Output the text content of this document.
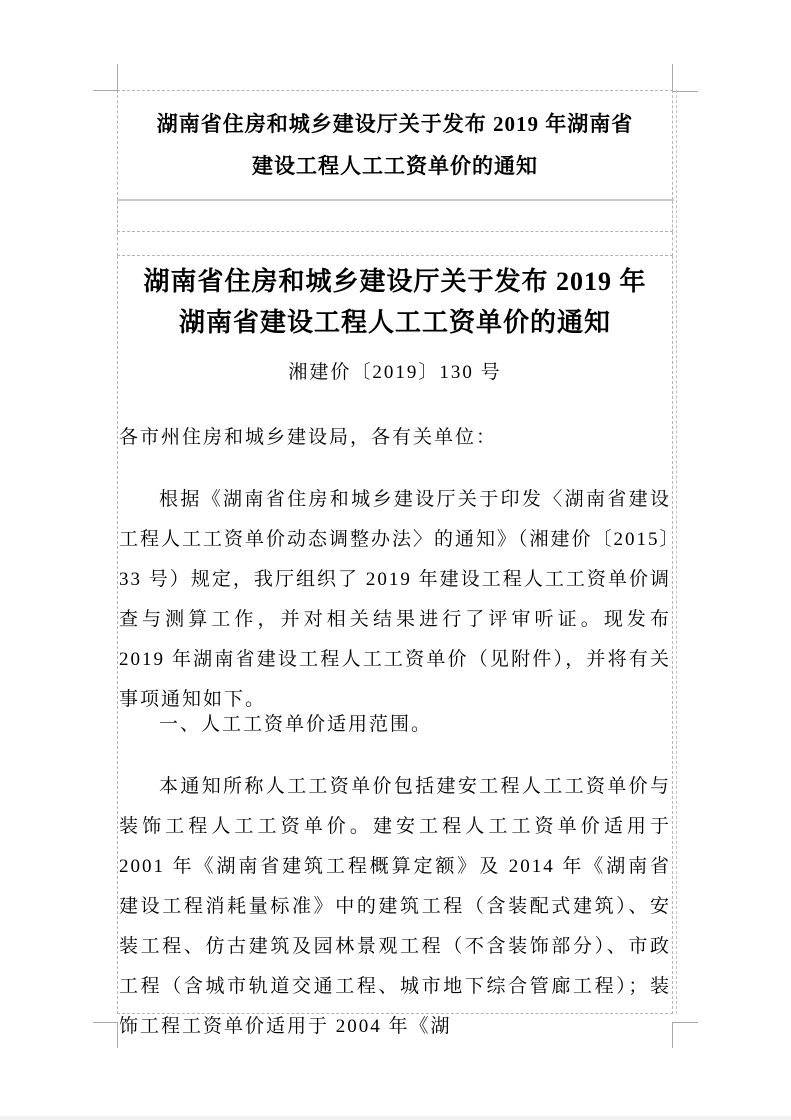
湖南省住房和城乡建设厅关于发布 2019 年湖南省
建设工程人工工资单价的通知
湖南省住房和城乡建设厅关于发布 2019 年
湖南省建设工程人工工资单价的通知
湘建价〔2019〕130 号
各市州住房和城乡建设局，各有关单位：
根据《湖南省住房和城乡建设厅关于印发〈湖南省建设工程人工工资单价动态调整办法〉的通知》（湘建价〔2015〕33 号）规定，我厅组织了 2019 年建设工程人工工资单价调查与测算工作，并对相关结果进行了评审听证。现发布 2019 年湖南省建设工程人工工资单价（见附件），并将有关事项通知如下。
一、人工工资单价适用范围。
本通知所称人工工资单价包括建安工程人工工资单价与装饰工程人工工资单价。建安工程人工工资单价适用于 2001 年《湖南省建筑工程概算定额》及 2014 年《湖南省建设工程消耗量标准》中的建筑工程（含装配式建筑）、安装工程、仿古建筑及园林景观工程（不含装饰部分）、市政工程（含城市轨道交通工程、城市地下综合管廊工程）；装饰工程工资单价适用于 2004 年《湖
